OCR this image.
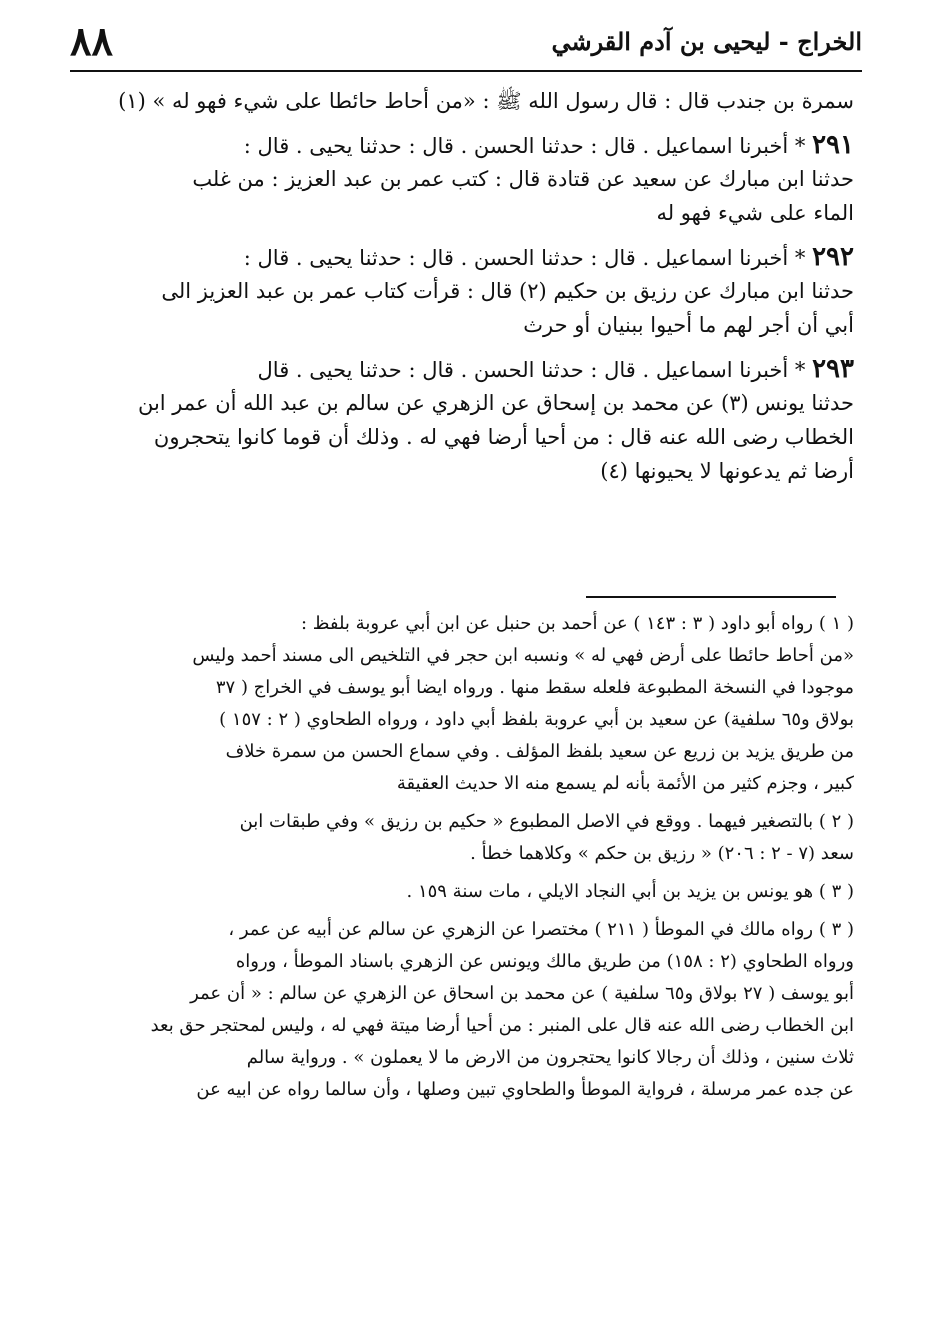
٨٨	الخراج - ليحيى بن آدم القرشي
سمرة بن جندب قال : قال رسول الله ﷺ : «من أحاط حائطا على شيء فهو له » (١)
٢٩١ * أخبرنا اسماعيل . قال : حدثنا الحسن . قال : حدثنا يحيى . قال :
حدثنا ابن مبارك عن سعيد عن قتادة قال : كتب عمر بن عبد العزيز : من غلب
الماء على شيء فهو له
٢٩٢ * أخبرنا اسماعيل . قال : حدثنا الحسن . قال : حدثنا يحيى . قال :
حدثنا ابن مبارك عن رزيق بن حكيم (٢) قال : قرأت كتاب عمر بن عبد العزيز الى
أبي أن أجر لهم ما أحيوا ببنيان أو حرث
٢٩٣ * أخبرنا اسماعيل . قال : حدثنا الحسن . قال : حدثنا يحيى . قال
حدثنا يونس (٣) عن محمد بن إسحاق عن الزهري عن سالم بن عبد الله أن عمر ابن
الخطاب رضى الله عنه قال : من أحيا أرضا فهي له . وذلك أن قوما كانوا يتحجرون
أرضا ثم يدعونها لا يحيونها (٤)
( ١ ) رواه أبو داود ( ٣ : ١٤٣ ) عن أحمد بن حنبل عن ابن أبي عروبة بلفظ :
«من أحاط حائطا على أرض فهي له » ونسبه ابن حجر في التلخيص الى مسند أحمد وليس
موجودا في النسخة المطبوعة فلعله سقط منها . ورواه ايضا أبو يوسف في الخراج ( ٣٧
بولاق و٦٥ سلفية) عن سعيد بن أبي عروبة بلفظ أبي داود ، ورواه الطحاوي ( ٢ : ١٥٧ )
من طريق يزيد بن زريع عن سعيد بلفظ المؤلف . وفي سماع الحسن من سمرة خلاف
كبير ، وجزم كثير من الأئمة بأنه لم يسمع منه الا حديث العقيقة
( ٢ ) بالتصغير فيهما . ووقع في الاصل المطبوع « حكيم بن رزيق » وفي طبقات ابن
سعد (٧ - ٢ : ٢٠٦) « رزيق بن حكم » وكلاهما خطأ .
( ٣ ) هو يونس بن يزيد بن أبي النجاد الايلي ، مات سنة ١٥٩ .
( ٣ ) رواه مالك في الموطأ ( ٢١١ ) مختصرا عن الزهري عن سالم عن أبيه عن عمر ،
ورواه الطحاوي (٢ : ١٥٨) من طريق مالك ويونس عن الزهري باسناد الموطأ ، ورواه
أبو يوسف ( ٢٧ بولاق و٦٥ سلفية ) عن محمد بن اسحاق عن الزهري عن سالم : « أن عمر
ابن الخطاب رضى الله عنه قال على المنبر : من أحيا أرضا ميتة فهي له ، وليس لمحتجر حق بعد
ثلاث سنين ، وذلك أن رجالا كانوا يحتجرون من الارض ما لا يعملون » . ورواية سالم
عن جده عمر مرسلة ، فرواية الموطأ والطحاوي تبين وصلها ، وأن سالما رواه عن ابيه عن
